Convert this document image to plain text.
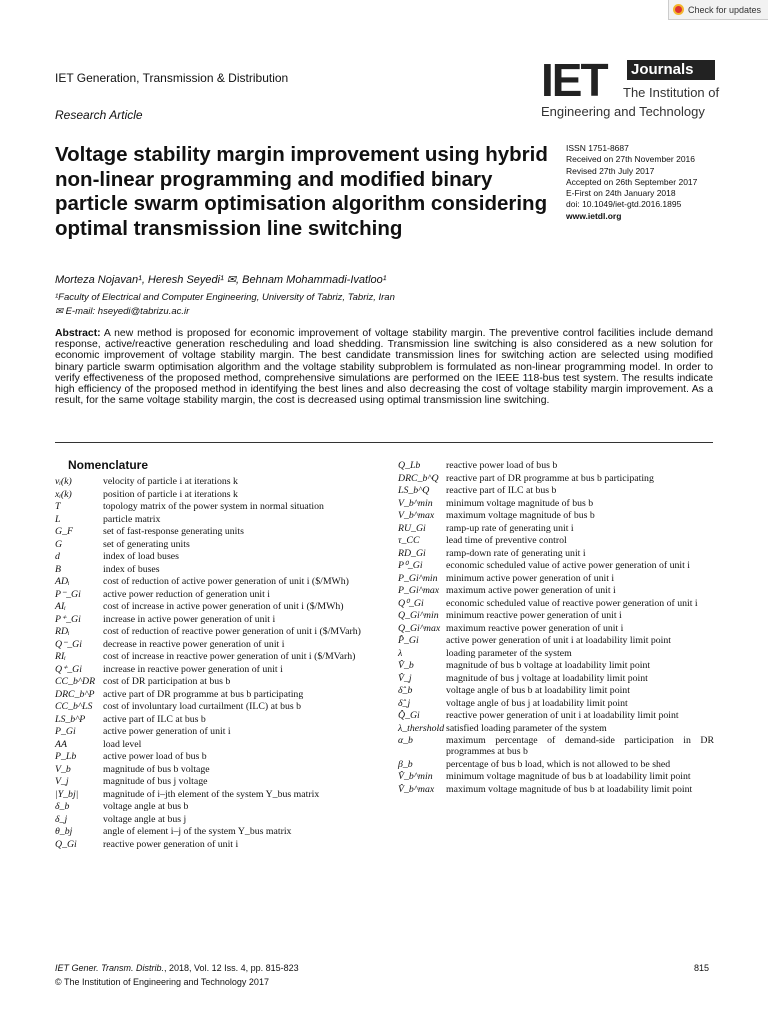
Check for updates
IET Generation, Transmission & Distribution
Research Article
IET Journals
The Institution of
Engineering and Technology
Voltage stability margin improvement using hybrid non-linear programming and modified binary particle swarm optimisation algorithm considering optimal transmission line switching
ISSN 1751-8687
Received on 27th November 2016
Revised 27th July 2017
Accepted on 26th September 2017
E-First on 24th January 2018
doi: 10.1049/iet-gtd.2016.1895
www.ietdl.org
Morteza Nojavan¹, Heresh Seyedi¹ ✉, Behnam Mohammadi-Ivatloo¹
¹Faculty of Electrical and Computer Engineering, University of Tabriz, Tabriz, Iran
✉ E-mail: hseyedi@tabrizu.ac.ir
Abstract: A new method is proposed for economic improvement of voltage stability margin. The preventive control facilities include demand response, active/reactive generation rescheduling and load shedding. Transmission line switching is also considered as a new solution for economic improvement of voltage stability margin. The best candidate transmission lines for switching action are selected using modified binary particle swarm optimisation algorithm and the voltage stability subproblem is formulated as non-linear programming model. In order to verify effectiveness of the proposed method, comprehensive simulations are performed on the IEEE 118-bus test system. The results indicate high efficiency of the proposed method in identifying the best lines and also decreasing the cost of voltage stability margin improvement. As a result, for the same voltage stability margin, the cost is decreased using optimal transmission line switching.
Nomenclature
vᵢ(k)	velocity of particle i at iterations k
xᵢ(k)	position of particle i at iterations k
T	topology matrix of the power system in normal situation
L	particle matrix
G_F	set of fast-response generating units
G	set of generating units
d	index of load buses
B	index of buses
ADᵢ	cost of reduction of active power generation of unit i ($/MWh)
P⁻_Gi	active power reduction of generation unit i
AIᵢ	cost of increase in active power generation of unit i ($/MWh)
P⁺_Gi	increase in active power generation of unit i
RDᵢ	cost of reduction of reactive power generation of unit i ($/MVarh)
Q⁻_Gi	decrease in reactive power generation of unit i
RIᵢ	cost of increase in reactive power generation of unit i ($/MVarh)
Q⁺_Gi	increase in reactive power generation of unit i
CC_b^DR cost of DR participation at bus b
DRC_b^P active part of DR programme at bus b participating
CC_b^LS	cost of involuntary load curtailment (ILC) at bus b
LS_b^P	active part of ILC at bus b
P_Gi	active power generation of unit i
AA	load level
P_Lb	active power load of bus b
V_b	magnitude of bus b voltage
V_j	magnitude of bus j voltage
|Y_bj|	magnitude of i–jth element of the system Y_bus matrix
δ_b	voltage angle at bus b
δ_j	voltage angle at bus j
θ_bj	angle of element i–j of the system Y_bus matrix
Q_Gi	reactive power generation of unit i
Q_Lb	reactive power load of bus b
DRC_b^Q reactive part of DR programme at bus b participating
LS_b^Q	reactive part of ILC at bus b
V_b^min	minimum voltage magnitude of bus b
V_b^max	maximum voltage magnitude of bus b
RU_Gi	ramp-up rate of generating unit i
τ_CC	lead time of preventive control
RD_Gi	ramp-down rate of generating unit i
P⁰_Gi	economic scheduled value of active power generation of unit i
P_Gi^min minimum active power generation of unit i
P_Gi^max maximum active power generation of unit i
Q⁰_Gi	economic scheduled value of reactive power generation of unit i
Q_Gi^min minimum reactive power generation of unit i
Q_Gi^max maximum reactive power generation of unit i
P̂_Gi	active power generation of unit i at loadability limit point
λ	loading parameter of the system
V̂_b	magnitude of bus b voltage at loadability limit point
V̂_j	magnitude of bus j voltage at loadability limit point
δ̂_b	voltage angle of bus b at loadability limit point
δ̂_j	voltage angle of bus j at loadability limit point
Q̂_Gi	reactive power generation of unit i at loadability limit point
λ_thershold satisfied loading parameter of the system
α_b	maximum percentage of demand-side participation in DR programmes at bus b
β_b	percentage of bus b load, which is not allowed to be shed
V̂_b^min	minimum voltage magnitude of bus b at loadability limit point
V̂_b^max	maximum voltage magnitude of bus b at loadability limit point
IET Gener. Transm. Distrib., 2018, Vol. 12 Iss. 4, pp. 815-823
© The Institution of Engineering and Technology 2017
815
